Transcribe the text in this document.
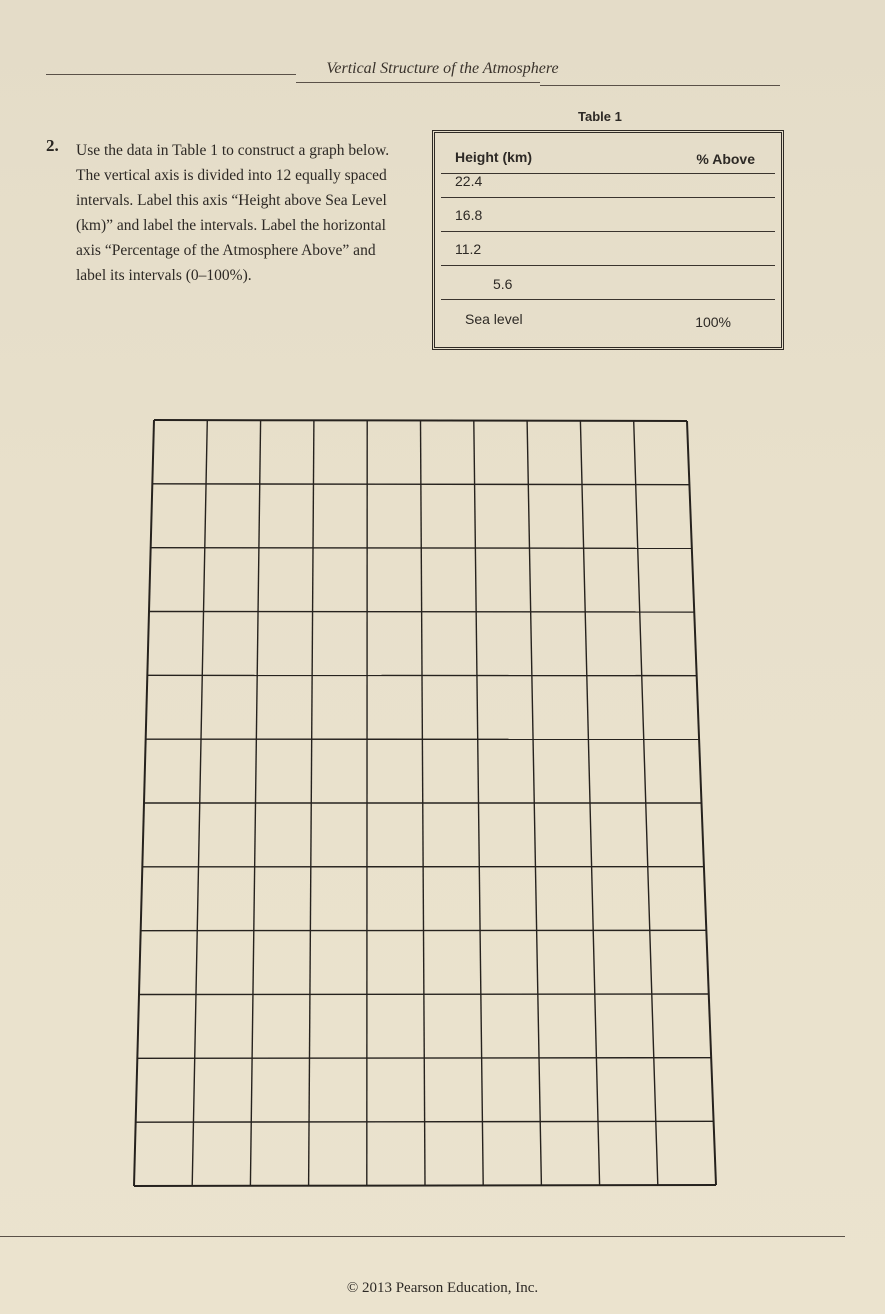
Vertical Structure of the Atmosphere
2. Use the data in Table 1 to construct a graph below. The vertical axis is divided into 12 equally spaced intervals. Label this axis “Height above Sea Level (km)” and label the intervals. Label the horizontal axis “Percentage of the Atmosphere Above” and label its intervals (0–100%).
Table 1
Height (km)	% Above
22.4
16.8
11.2
5.6
Sea level	100%
© 2013 Pearson Education, Inc.
